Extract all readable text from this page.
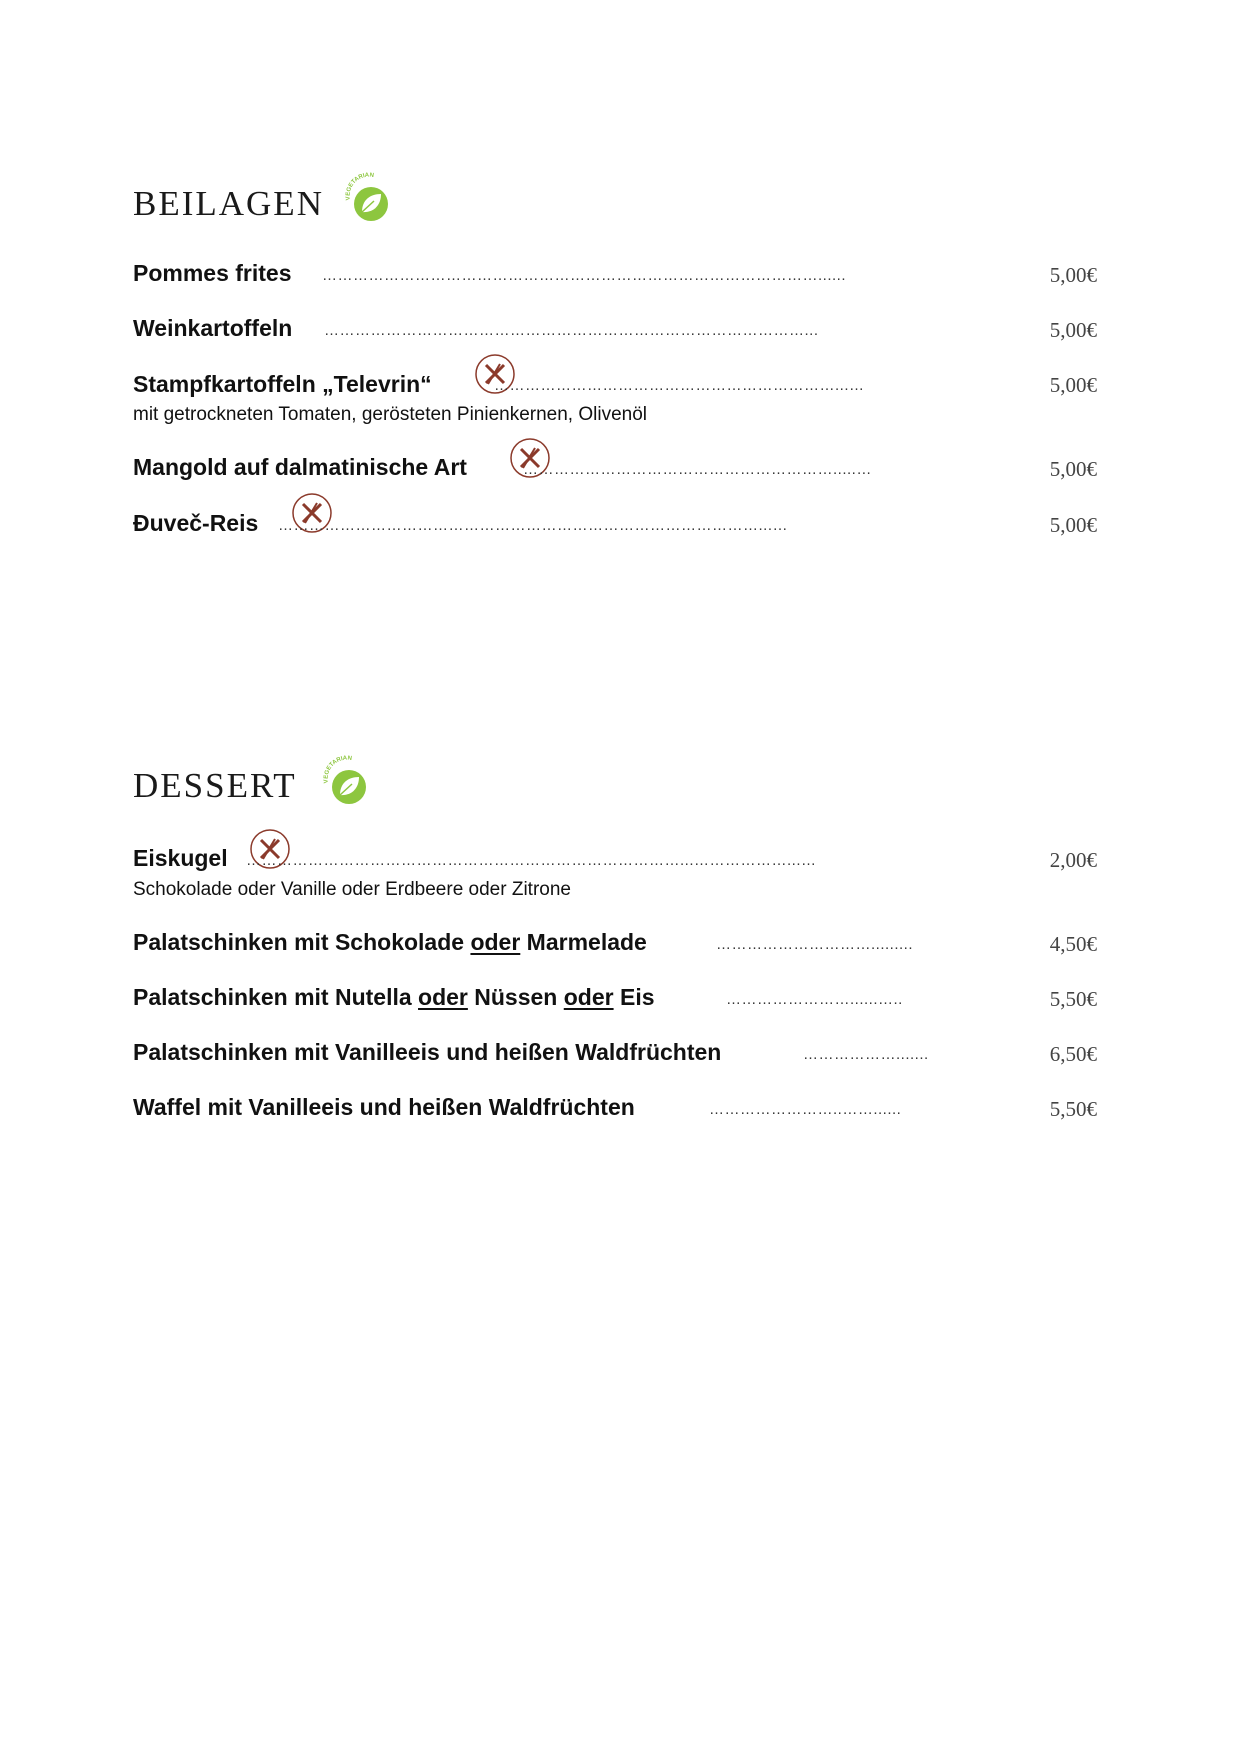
BEILAGEN	VEGETARIAN
Pommes frites ……………………………………………………………………………………......	5,00€
Weinkartoffeln …………………………………………………………………………………...	5,00€
Stampfkartoffeln „Televrin“	…………………………………………………………...…	5,00€
mit getrockneten Tomaten, gerösteten Pinienkernen, Olivenöl
Mangold auf dalmatinische Art	…………………………………………………….....…	5,00€
Đuveč-Reis …………………………………………………………………………………...…	5,00€
DESSERT	VEGETARIAN
Eiskugel …………………………………………………………………………...………………...…	2,00€
Schokolade oder Vanille oder Erdbeere oder Zitrone
Palatschinken mit Schokolade oder Marmelade	………………………….........	4,50€
Palatschinken mit Nutella oder Nüssen oder Eis	……………………......…..	5,50€
Palatschinken mit Vanilleeis und heißen Waldfrüchten	……………….......	6,50€
Waffel mit Vanilleeis und heißen Waldfrüchten	……………………..……......	5,50€
